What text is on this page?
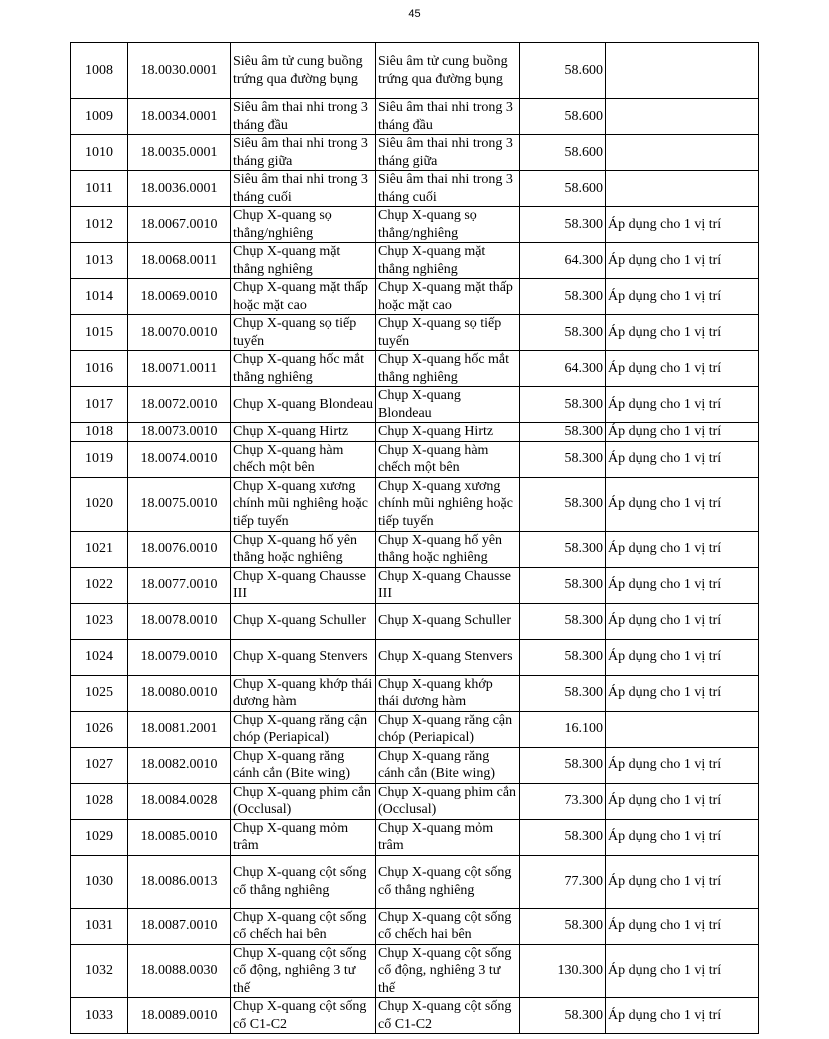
45
1008	18.0030.0001	Siêu âm tử cung buồng trứng qua đường bụng	Siêu âm tử cung buồng trứng qua đường bụng	58.600	
1009	18.0034.0001	Siêu âm thai nhi trong 3 tháng đầu	Siêu âm thai nhi trong 3 tháng đầu	58.600	
1010	18.0035.0001	Siêu âm thai nhi trong 3 tháng giữa	Siêu âm thai nhi trong 3 tháng giữa	58.600	
1011	18.0036.0001	Siêu âm thai nhi trong 3 tháng cuối	Siêu âm thai nhi trong 3 tháng cuối	58.600	
1012	18.0067.0010	Chụp X-quang sọ thẳng/nghiêng	Chụp X-quang sọ thẳng/nghiêng	58.300	Áp dụng cho 1 vị trí
1013	18.0068.0011	Chụp X-quang mặt thẳng nghiêng	Chụp X-quang mặt thẳng nghiêng	64.300	Áp dụng cho 1 vị trí
1014	18.0069.0010	Chụp X-quang mặt thấp hoặc mặt cao	Chụp X-quang mặt thấp hoặc mặt cao	58.300	Áp dụng cho 1 vị trí
1015	18.0070.0010	Chụp X-quang sọ tiếp tuyến	Chụp X-quang sọ tiếp tuyến	58.300	Áp dụng cho 1 vị trí
1016	18.0071.0011	Chụp X-quang hốc mắt thẳng nghiêng	Chụp X-quang hốc mắt thẳng nghiêng	64.300	Áp dụng cho 1 vị trí
1017	18.0072.0010	Chụp X-quang Blondeau	Chụp X-quang Blondeau	58.300	Áp dụng cho 1 vị trí
1018	18.0073.0010	Chụp X-quang Hirtz	Chụp X-quang Hirtz	58.300	Áp dụng cho 1 vị trí
1019	18.0074.0010	Chụp X-quang hàm chếch một bên	Chụp X-quang hàm chếch một bên	58.300	Áp dụng cho 1 vị trí
1020	18.0075.0010	Chụp X-quang xương chính mũi nghiêng hoặc tiếp tuyến	Chụp X-quang xương chính mũi nghiêng hoặc tiếp tuyến	58.300	Áp dụng cho 1 vị trí
1021	18.0076.0010	Chụp X-quang hố yên thẳng hoặc nghiêng	Chụp X-quang hố yên thẳng hoặc nghiêng	58.300	Áp dụng cho 1 vị trí
1022	18.0077.0010	Chụp X-quang Chausse III	Chụp X-quang Chausse III	58.300	Áp dụng cho 1 vị trí
1023	18.0078.0010	Chụp X-quang Schuller	Chụp X-quang Schuller	58.300	Áp dụng cho 1 vị trí
1024	18.0079.0010	Chụp X-quang Stenvers	Chụp X-quang Stenvers	58.300	Áp dụng cho 1 vị trí
1025	18.0080.0010	Chụp X-quang khớp thái dương hàm	Chụp X-quang khớp thái dương hàm	58.300	Áp dụng cho 1 vị trí
1026	18.0081.2001	Chụp X-quang răng cận chóp (Periapical)	Chụp X-quang răng cận chóp (Periapical)	16.100	
1027	18.0082.0010	Chụp X-quang răng cánh cắn (Bite wing)	Chụp X-quang răng cánh cắn (Bite wing)	58.300	Áp dụng cho 1 vị trí
1028	18.0084.0028	Chụp X-quang phim cắn (Occlusal)	Chụp X-quang phim cắn (Occlusal)	73.300	Áp dụng cho 1 vị trí
1029	18.0085.0010	Chụp X-quang mỏm trâm	Chụp X-quang mỏm trâm	58.300	Áp dụng cho 1 vị trí
1030	18.0086.0013	Chụp X-quang cột sống cổ thẳng nghiêng	Chụp X-quang cột sống cổ thẳng nghiêng	77.300	Áp dụng cho 1 vị trí
1031	18.0087.0010	Chụp X-quang cột sống cổ chếch hai bên	Chụp X-quang cột sống cổ chếch hai bên	58.300	Áp dụng cho 1 vị trí
1032	18.0088.0030	Chụp X-quang cột sống cổ động, nghiêng 3 tư thế	Chụp X-quang cột sống cổ động, nghiêng 3 tư thế	130.300	Áp dụng cho 1 vị trí
1033	18.0089.0010	Chụp X-quang cột sống cổ C1-C2	Chụp X-quang cột sống cổ C1-C2	58.300	Áp dụng cho 1 vị trí
